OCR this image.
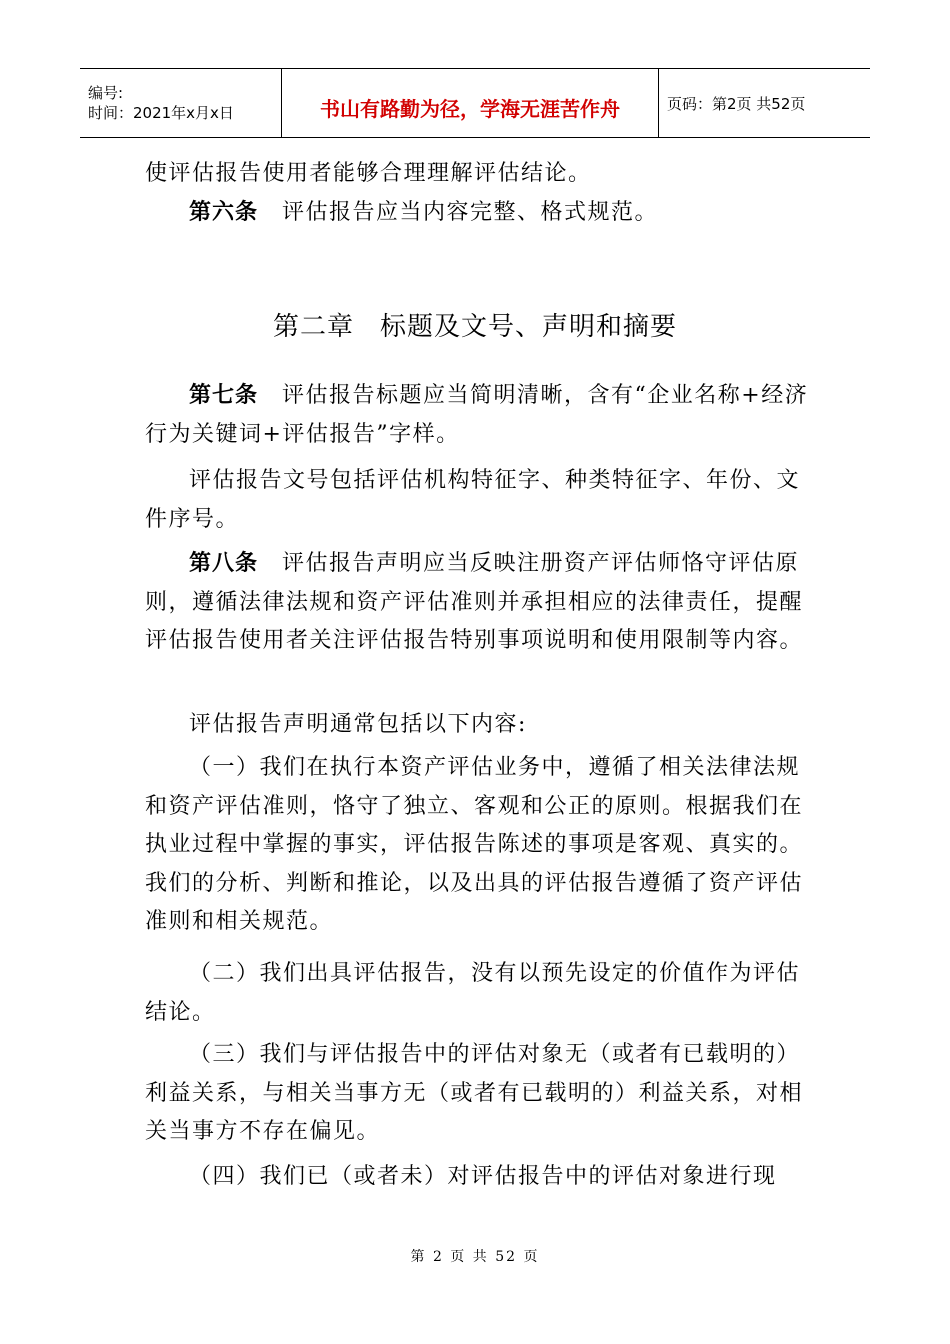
编号:
时间：2021年x月x日	书山有路勤为径，学海无涯苦作舟	页码：第2页 共52页
使评估报告使用者能够合理理解评估结论。
第六条 评估报告应当内容完整、格式规范。
第二章 标题及文号、声明和摘要
第七条 评估报告标题应当简明清晰，含有“企业名称+经济行为关键词+评估报告”字样。
评估报告文号包括评估机构特征字、种类特征字、年份、文件序号。
第八条 评估报告声明应当反映注册资产评估师恪守评估原则，遵循法律法规和资产评估准则并承担相应的法律责任，提醒评估报告使用者关注评估报告特别事项说明和使用限制等内容。
评估报告声明通常包括以下内容:
（一）我们在执行本资产评估业务中，遵循了相关法律法规和资产评估准则，恪守了独立、客观和公正的原则。根据我们在执业过程中掌握的事实，评估报告陈述的事项是客观、真实的。我们的分析、判断和推论，以及出具的评估报告遵循了资产评估准则和相关规范。
（二）我们出具评估报告，没有以预先设定的价值作为评估结论。
（三）我们与评估报告中的评估对象无（或者有已载明的）利益关系，与相关当事方无（或者有已载明的）利益关系，对相关当事方不存在偏见。
（四）我们已（或者未）对评估报告中的评估对象进行现
第 2 页 共 52 页
